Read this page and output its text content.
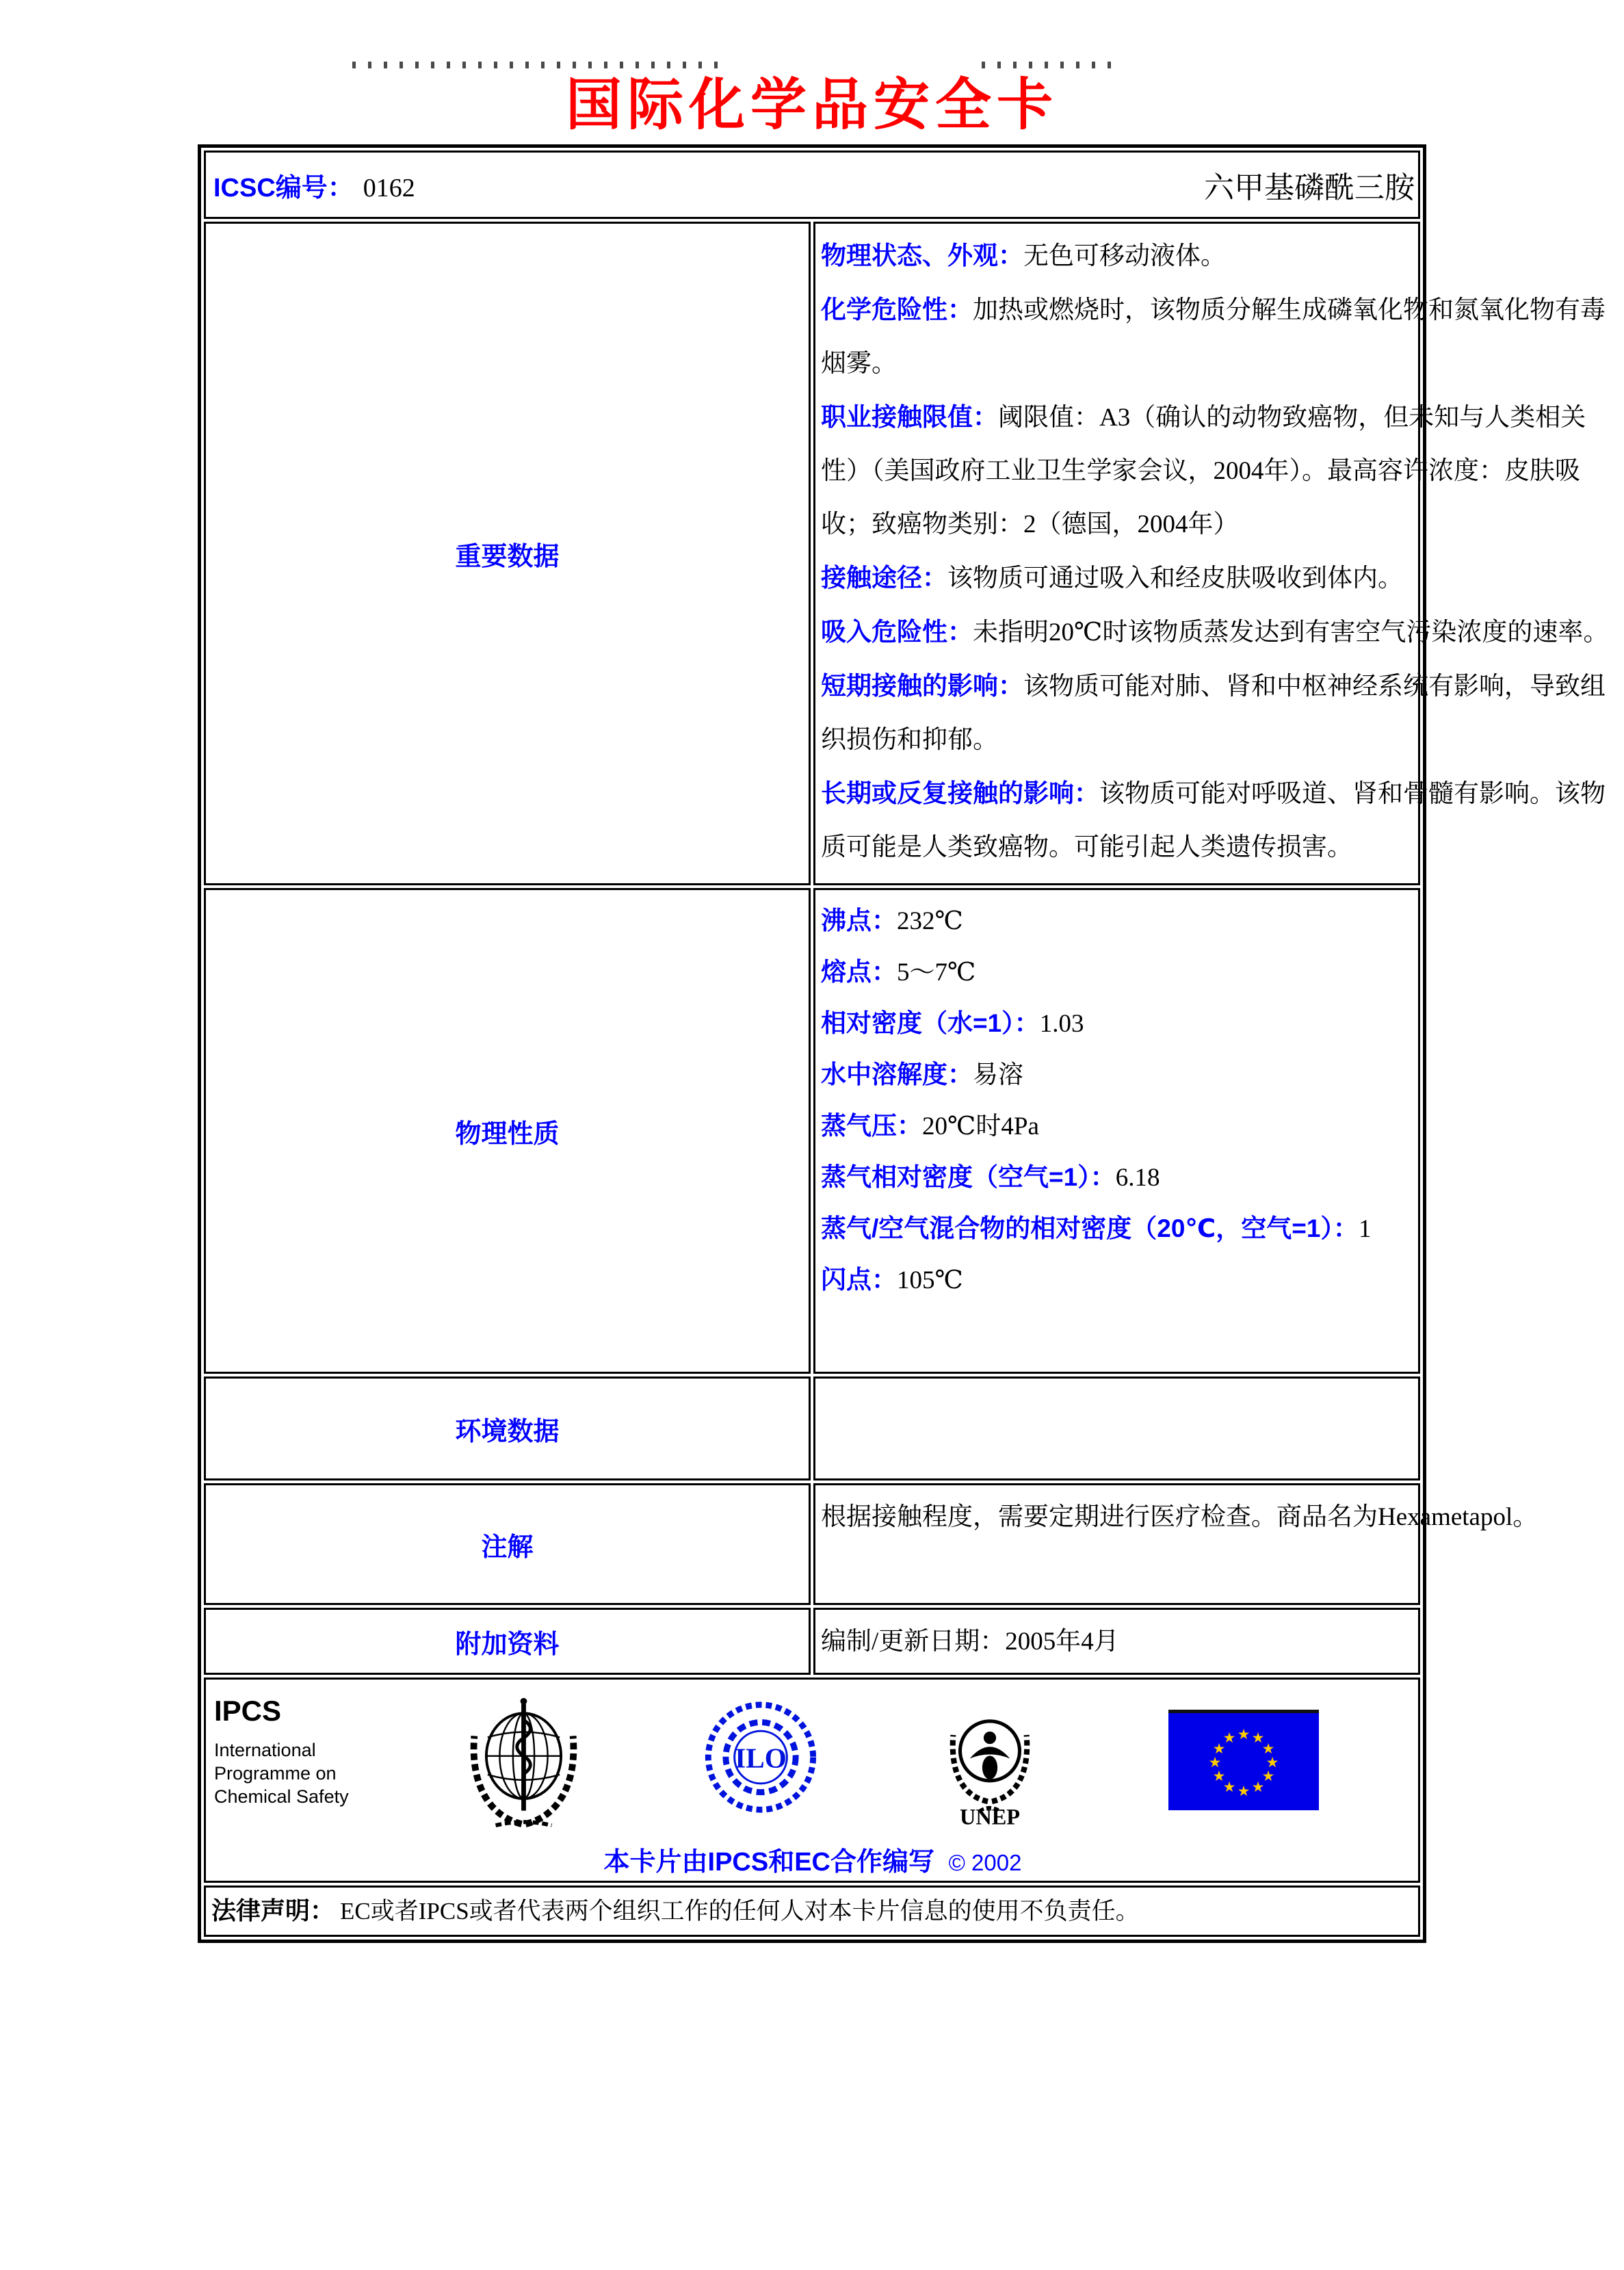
国际化学品安全卡
ICSC编号： 0162 六甲基磷酰三胺	

重要数据	
物理状态、外观：无色可移动液体。
化学危险性：加热或燃烧时，该物质分解生成磷氧化物和氮氧化物有毒
烟雾。
职业接触限值：阈限值：A3（确认的动物致癌物，但未知与人类相关
性）（美国政府工业卫生学家会议，2004年）。最高容许浓度：皮肤吸
收；致癌物类别：2（德国，2004年）
接触途径：该物质可通过吸入和经皮肤吸收到体内。
吸入危险性：未指明20℃时该物质蒸发达到有害空气污染浓度的速率。
短期接触的影响：该物质可能对肺、肾和中枢神经系统有影响，导致组
织损伤和抑郁。
长期或反复接触的影响：该物质可能对呼吸道、肾和骨髓有影响。该物
质可能是人类致癌物。可能引起人类遗传损害。

物理性质	
沸点：232℃
熔点：5～7℃
相对密度（水=1）：1.03
水中溶解度：易溶
蒸气压：20℃时4Pa
蒸气相对密度（空气=1）：6.18
蒸气/空气混合物的相对密度（20℃，空气=1）：1
闪点：105℃

环境数据	
注解	根据接触程度，需要定期进行医疗检查。商品名为Hexametapol。

附加资料	编制/更新日期：2005年4月

IPCS
International
Programme on
Chemical Safety
ILO
UNEP
★ ★
★
★
★
★
★
★
★
★
★
★
本卡片由IPCS和EC合作编写 © 2002

法律声明： EC或者IPCS或者代表两个组织工作的任何人对本卡片信息的使用不负责任。	
